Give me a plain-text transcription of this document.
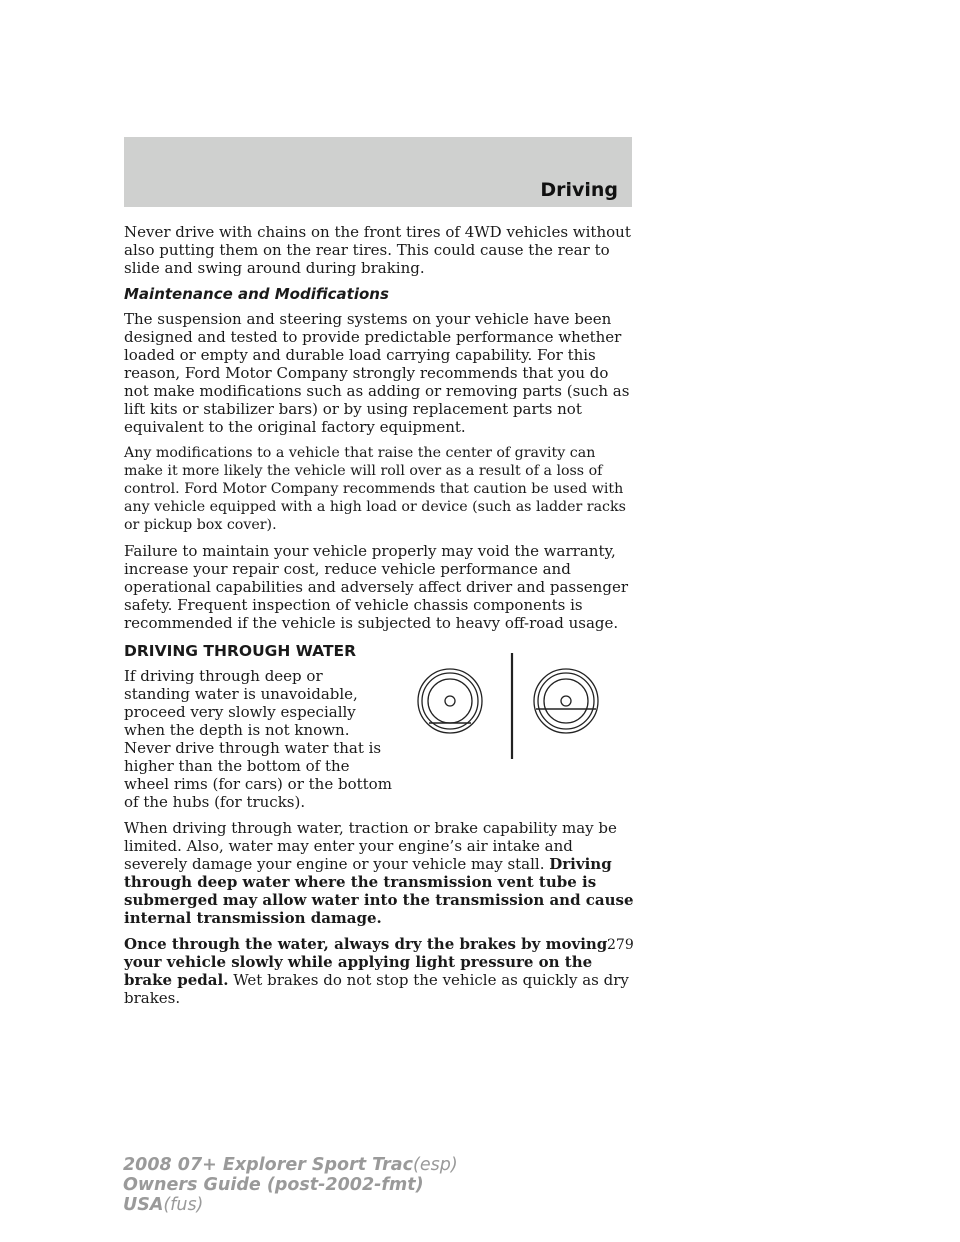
Driving

Never drive with chains on the front tires of 4WD vehicles without also putting them on the rear tires. This could cause the rear to slide and swing around during braking.

Maintenance and Modifications

The suspension and steering systems on your vehicle have been designed and tested to provide predictable performance whether loaded or empty and durable load carrying capability. For this reason, Ford Motor Company strongly recommends that you do not make modifications such as adding or removing parts (such as lift kits or stabilizer bars) or by using replacement parts not equivalent to the original factory equipment.

Any modifications to a vehicle that raise the center of gravity can make it more likely the vehicle will roll over as a result of a loss of control. Ford Motor Company recommends that caution be used with any vehicle equipped with a high load or device (such as ladder racks or pickup box cover).

Failure to maintain your vehicle properly may void the warranty, increase your repair cost, reduce vehicle performance and operational capabilities and adversely affect driver and passenger safety. Frequent inspection of vehicle chassis components is recommended if the vehicle is subjected to heavy off-road usage.

DRIVING THROUGH WATER

If driving through deep or standing water is unavoidable, proceed very slowly especially when the depth is not known. Never drive through water that is higher than the bottom of the wheel rims (for cars) or the bottom of the hubs (for trucks).

When driving through water, traction or brake capability may be limited. Also, water may enter your engine’s air intake and severely damage your engine or your vehicle may stall. Driving through deep water where the transmission vent tube is submerged may allow water into the transmission and cause internal transmission damage.

Once through the water, always dry the brakes by moving your vehicle slowly while applying light pressure on the brake pedal. Wet brakes do not stop the vehicle as quickly as dry brakes.

279
2008 07+ Explorer Sport Trac(esp)
Owners Guide (post-2002-fmt)
USA(fus)
